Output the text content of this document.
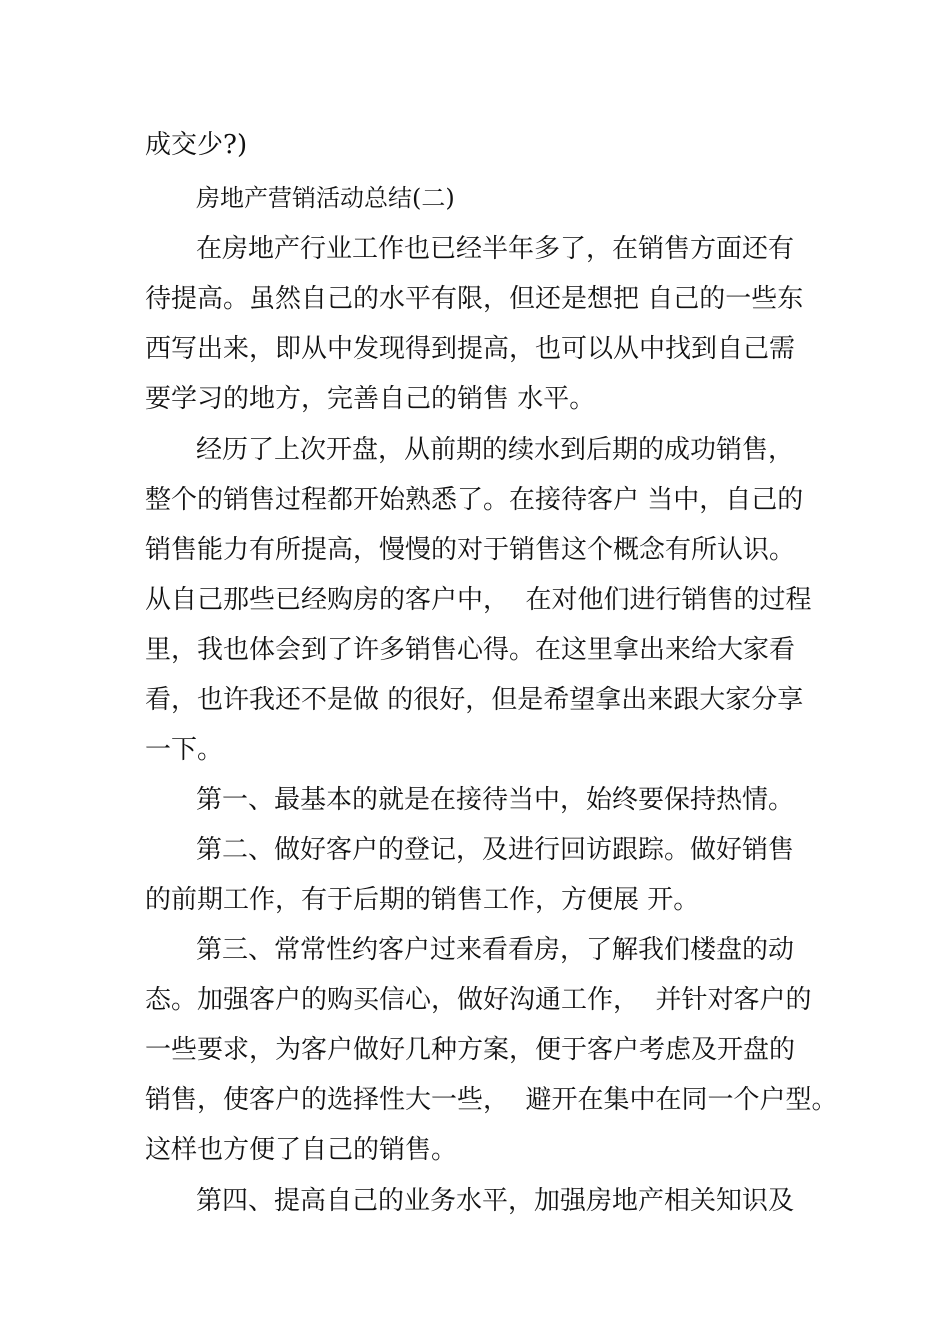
成交少?)
房地产营销活动总结(二)
在房地产行业工作也已经半年多了，在销售方面还有
待提高。虽然自己的水平有限，但还是想把 自己的一些东
西写出来，即从中发现得到提高，也可以从中找到自己需
要学习的地方，完善自己的销售 水平。
经历了上次开盘，从前期的续水到后期的成功销售，
整个的销售过程都开始熟悉了。在接待客户 当中，自己的
销售能力有所提高，慢慢的对于销售这个概念有所认识。
从自己那些已经购房的客户中，  在对他们进行销售的过程
里，我也体会到了许多销售心得。在这里拿出来给大家看
看，也许我还不是做 的很好，但是希望拿出来跟大家分享
一下。
第一、最基本的就是在接待当中，始终要保持热情。
第二、做好客户的登记，及进行回访跟踪。做好销售
的前期工作，有于后期的销售工作，方便展 开。
第三、常常性约客户过来看看房，了解我们楼盘的动
态。加强客户的购买信心，做好沟通工作，  并针对客户的
一些要求，为客户做好几种方案，便于客户考虑及开盘的
销售，使客户的选择性大一些，  避开在集中在同一个户型。
这样也方便了自己的销售。
第四、提高自己的业务水平，加强房地产相关知识及
